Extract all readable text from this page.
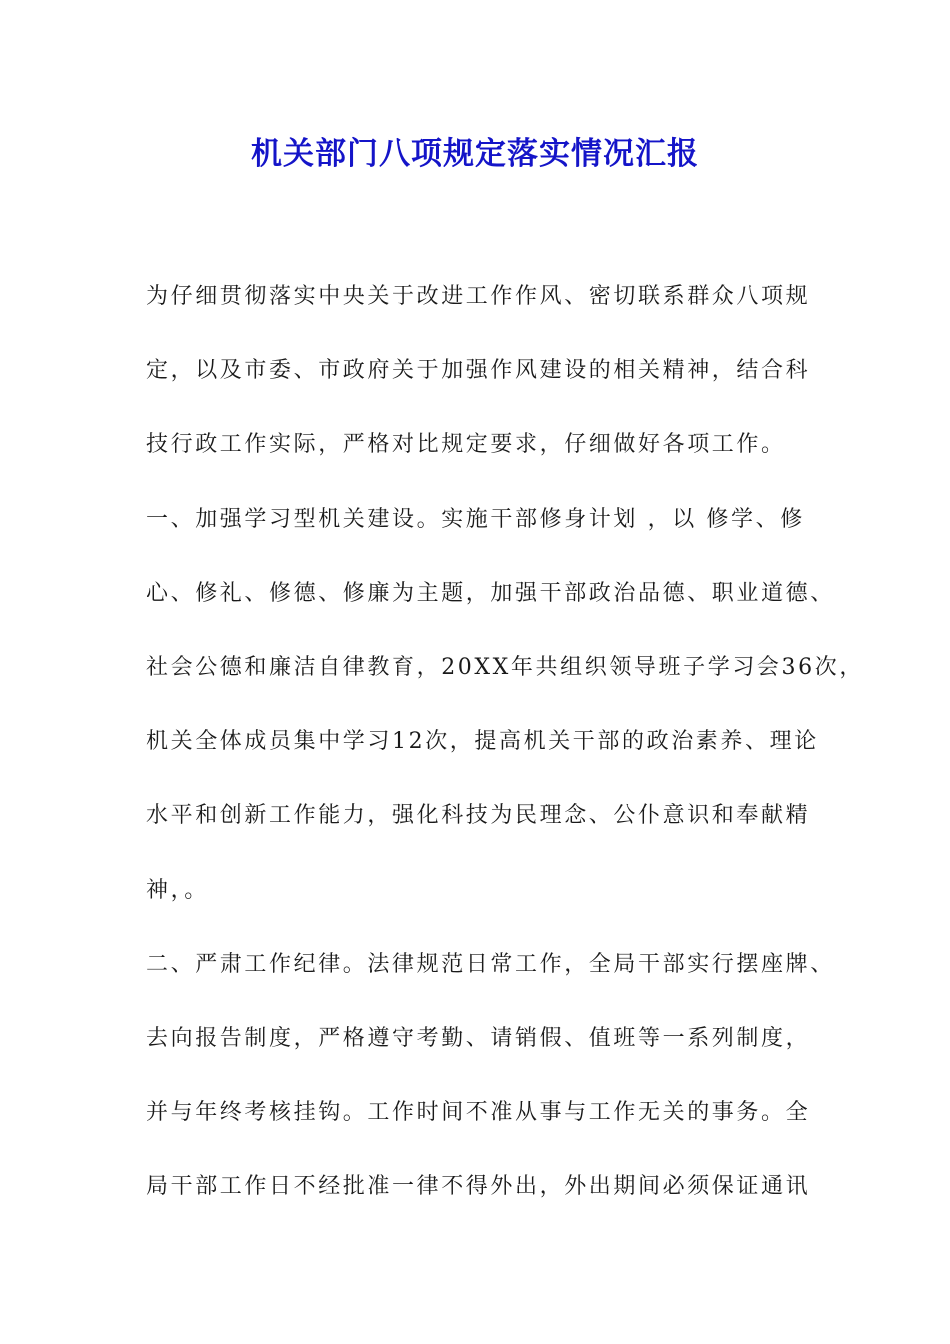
机关部门八项规定落实情况汇报
为仔细贯彻落实中央关于改进工作作风、密切联系群众八项规
定，以及市委、市政府关于加强作风建设的相关精神，结合科
技行政工作实际，严格对比规定要求，仔细做好各项工作。
一、加强学习型机关建设。实施干部修身计划 ，以 修学、修
心、修礼、修德、修廉为主题，加强干部政治品德、职业道德、
社会公德和廉洁自律教育，20XX年共组织领导班子学习会36次，
机关全体成员集中学习12次，提高机关干部的政治素养、理论
水平和创新工作能力，强化科技为民理念、公仆意识和奉献精
神，。
二、严肃工作纪律。法律规范日常工作，全局干部实行摆座牌、
去向报告制度，严格遵守考勤、请销假、值班等一系列制度，
并与年终考核挂钩。工作时间不准从事与工作无关的事务。全
局干部工作日不经批准一律不得外出，外出期间必须保证通讯
